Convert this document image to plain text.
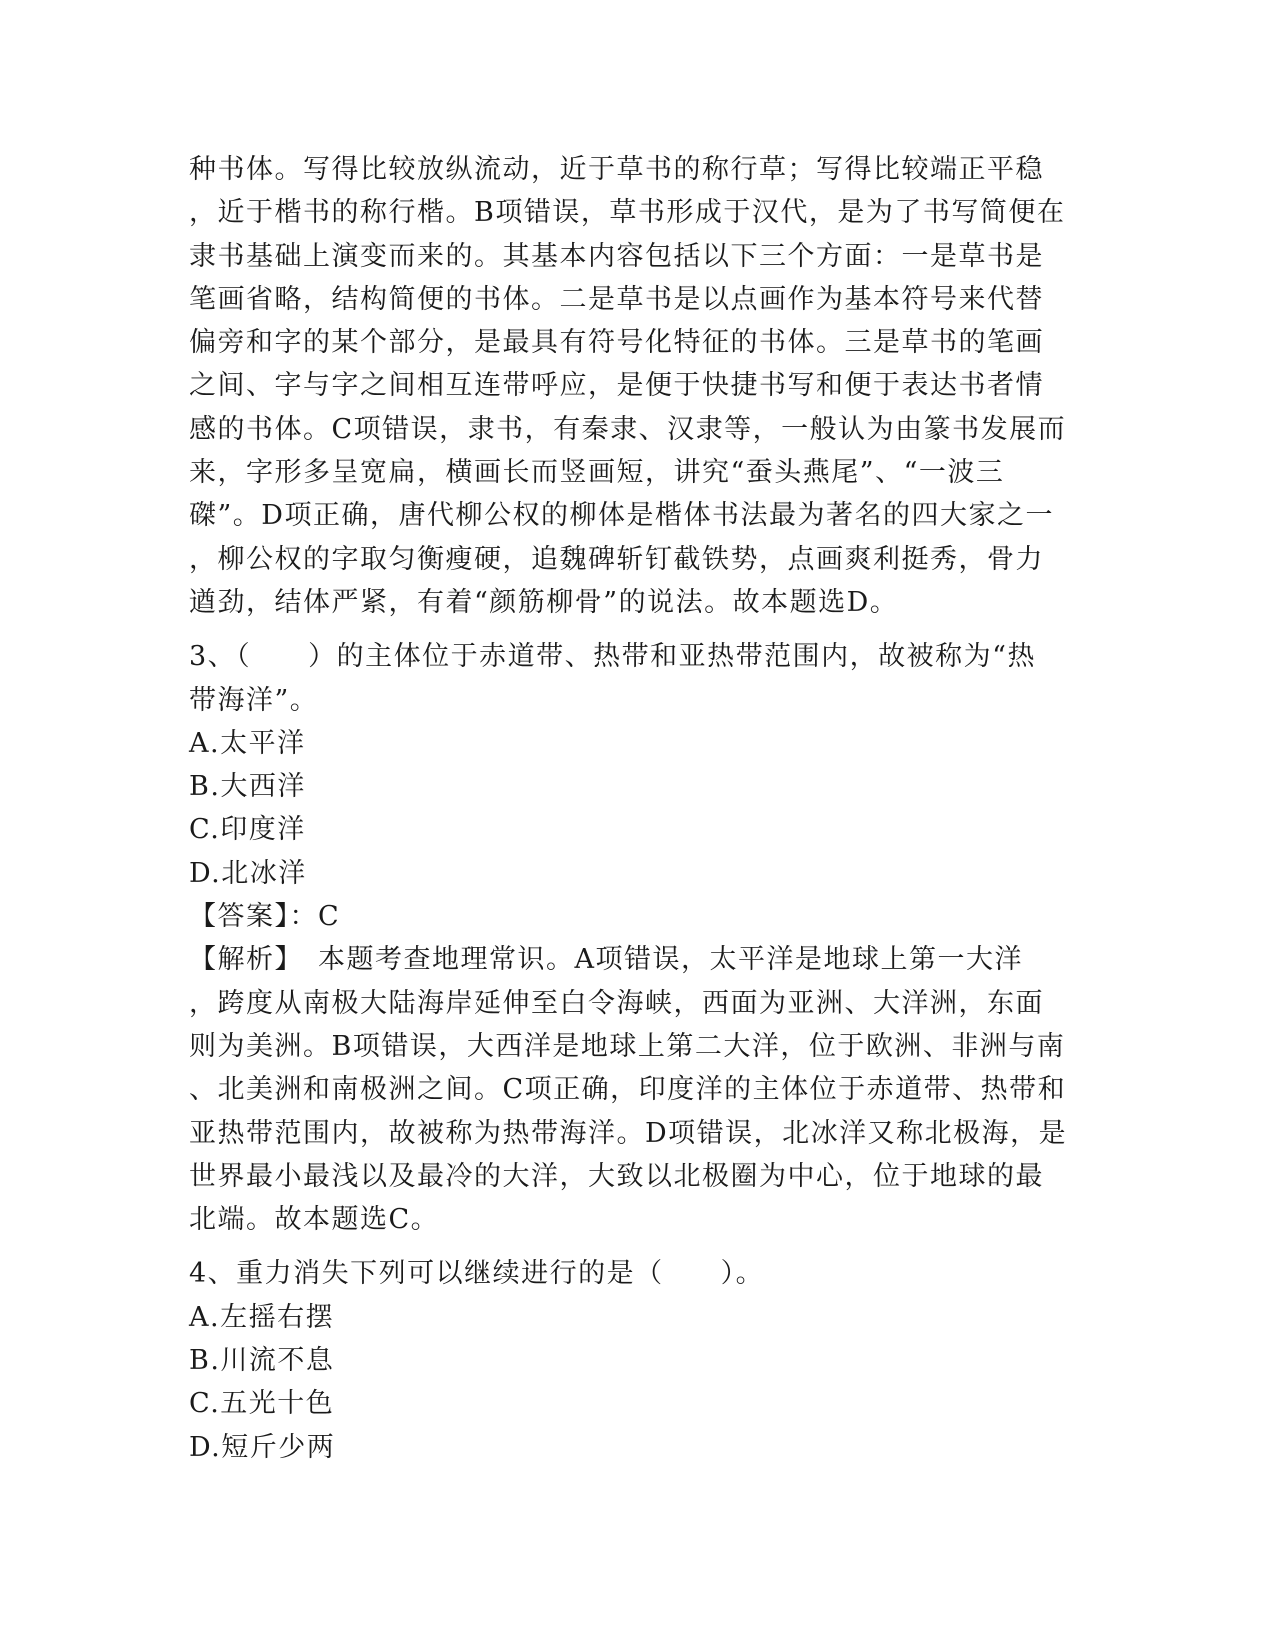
种书体。写得比较放纵流动，近于草书的称行草；写得比较端正平稳
，近于楷书的称行楷。B项错误，草书形成于汉代，是为了书写简便在
隶书基础上演变而来的。其基本内容包括以下三个方面：一是草书是
笔画省略，结构简便的书体。二是草书是以点画作为基本符号来代替
偏旁和字的某个部分，是最具有符号化特征的书体。三是草书的笔画
之间、字与字之间相互连带呼应，是便于快捷书写和便于表达书者情
感的书体。C项错误，隶书，有秦隶、汉隶等，一般认为由篆书发展而
来，字形多呈宽扁，横画长而竖画短，讲究“蚕头燕尾”、“一波三
磔”。D项正确，唐代柳公权的柳体是楷体书法最为著名的四大家之一
，柳公权的字取匀衡瘦硬，追魏碑斩钉截铁势，点画爽利挺秀，骨力
遒劲，结体严紧，有着“颜筋柳骨”的说法。故本题选D。
3、（　　）的主体位于赤道带、热带和亚热带范围内，故被称为“热
带海洋”。
A.太平洋
B.大西洋
C.印度洋
D.北冰洋
【答案】：C
【解析】　本题考查地理常识。A项错误，太平洋是地球上第一大洋
，跨度从南极大陆海岸延伸至白令海峡，西面为亚洲、大洋洲，东面
则为美洲。B项错误，大西洋是地球上第二大洋，位于欧洲、非洲与南
、北美洲和南极洲之间。C项正确，印度洋的主体位于赤道带、热带和
亚热带范围内，故被称为热带海洋。D项错误，北冰洋又称北极海，是
世界最小最浅以及最冷的大洋，大致以北极圈为中心，位于地球的最
北端。故本题选C。
4、重力消失下列可以继续进行的是（　　）。
A.左摇右摆
B.川流不息
C.五光十色
D.短斤少两
